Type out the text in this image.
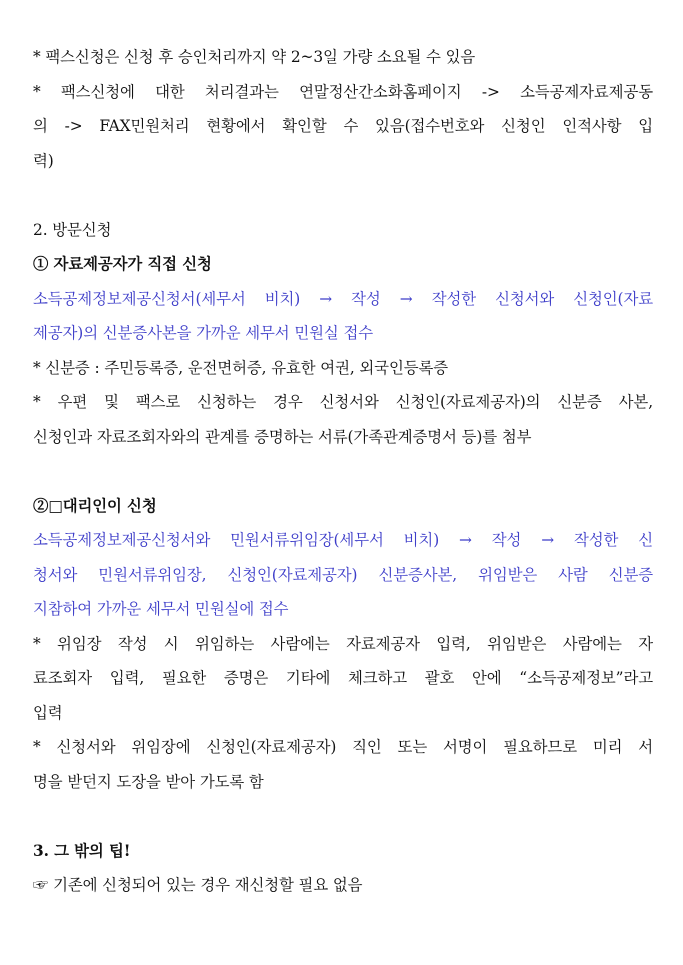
* 팩스신청은 신청 후 승인처리까지 약 2~3일 가량 소요될 수 있음
* 팩스신청에 대한 처리결과는 연말정산간소화홈페이지 -> 소득공제자료제공동
의 -> FAX민원처리 현황에서 확인할 수 있음(접수번호와 신청인 인적사항 입
력)
2. 방문신청
① 자료제공자가 직접 신청
소득공제정보제공신청서(세무서 비치) → 작성 → 작성한 신청서와 신청인(자료
제공자)의 신분증사본을 가까운 세무서 민원실 접수
* 신분증 : 주민등록증, 운전면허증, 유효한 여권, 외국인등록증
* 우편 및 팩스로 신청하는 경우 신청서와 신청인(자료제공자)의 신분증 사본,
신청인과 자료조회자와의 관계를 증명하는 서류(가족관계증명서 등)를 첨부
②□대리인이 신청
소득공제정보제공신청서와 민원서류위임장(세무서 비치) → 작성 → 작성한 신
청서와 민원서류위임장, 신청인(자료제공자) 신분증사본, 위임받은 사람 신분증
지참하여 가까운 세무서 민원실에 접수
* 위임장 작성 시 위임하는 사람에는 자료제공자 입력, 위임받은 사람에는 자
료조회자 입력, 필요한 증명은 기타에 체크하고 괄호 안에 “소득공제정보”라고
입력
* 신청서와 위임장에 신청인(자료제공자) 직인 또는 서명이 필요하므로 미리 서
명을 받던지 도장을 받아 가도록 함
3. 그 밖의 팁!
☞ 기존에 신청되어 있는 경우 재신청할 필요 없음
